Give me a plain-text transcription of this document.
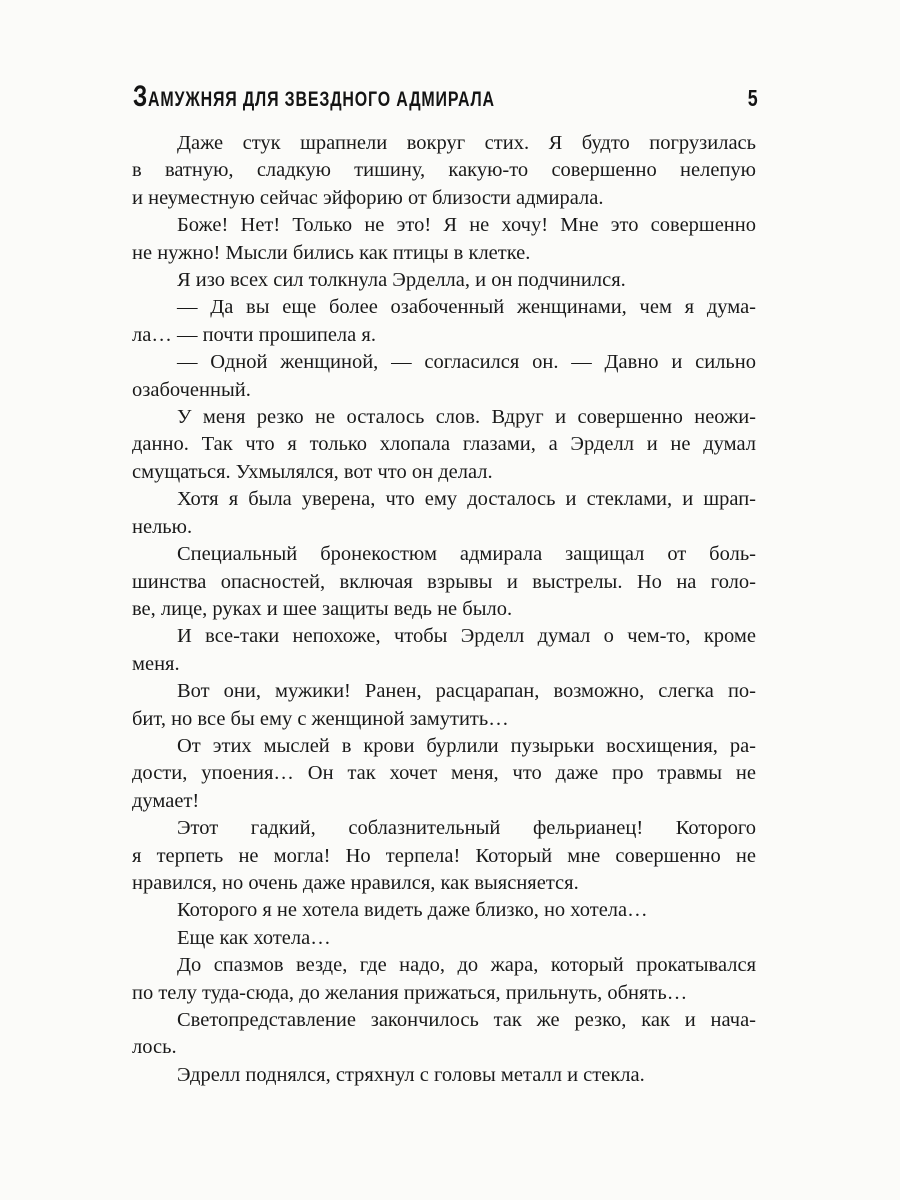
ЗАМУЖНЯЯ ДЛЯ ЗВЕЗДНОГО АДМИРАЛА	5
Даже стук шрапнели вокруг стих. Я будто погрузилась
в ватную, сладкую тишину, какую-то совершенно нелепую
и неуместную сейчас эйфорию от близости адмирала.
Боже! Нет! Только не это! Я не хочу! Мне это совершенно
не нужно! Мысли бились как птицы в клетке.
Я изо всех сил толкнула Эрделла, и он подчинился.
— Да вы еще более озабоченный женщинами, чем я дума-
ла… — почти прошипела я.
— Одной женщиной, — согласился он. — Давно и сильно
озабоченный.
У меня резко не осталось слов. Вдруг и совершенно неожи-
данно. Так что я только хлопала глазами, а Эрделл и не думал
смущаться. Ухмылялся, вот что он делал.
Хотя я была уверена, что ему досталось и стеклами, и шрап-
нелью.
Специальный бронекостюм адмирала защищал от боль-
шинства опасностей, включая взрывы и выстрелы. Но на голо-
ве, лице, руках и шее защиты ведь не было.
И все-таки непохоже, чтобы Эрделл думал о чем-то, кроме
меня.
Вот они, мужики! Ранен, расцарапан, возможно, слегка по-
бит, но все бы ему с женщиной замутить…
От этих мыслей в крови бурлили пузырьки восхищения, ра-
дости, упоения… Он так хочет меня, что даже про травмы не
думает!
Этот гадкий, соблазнительный фельрианец! Которого
я терпеть не могла! Но терпела! Который мне совершенно не
нравился, но очень даже нравился, как выясняется.
Которого я не хотела видеть даже близко, но хотела…
Еще как хотела…
До спазмов везде, где надо, до жара, который прокатывался
по телу туда-сюда, до желания прижаться, прильнуть, обнять…
Светопредставление закончилось так же резко, как и нача-
лось.
Эдрелл поднялся, стряхнул с головы металл и стекла.
